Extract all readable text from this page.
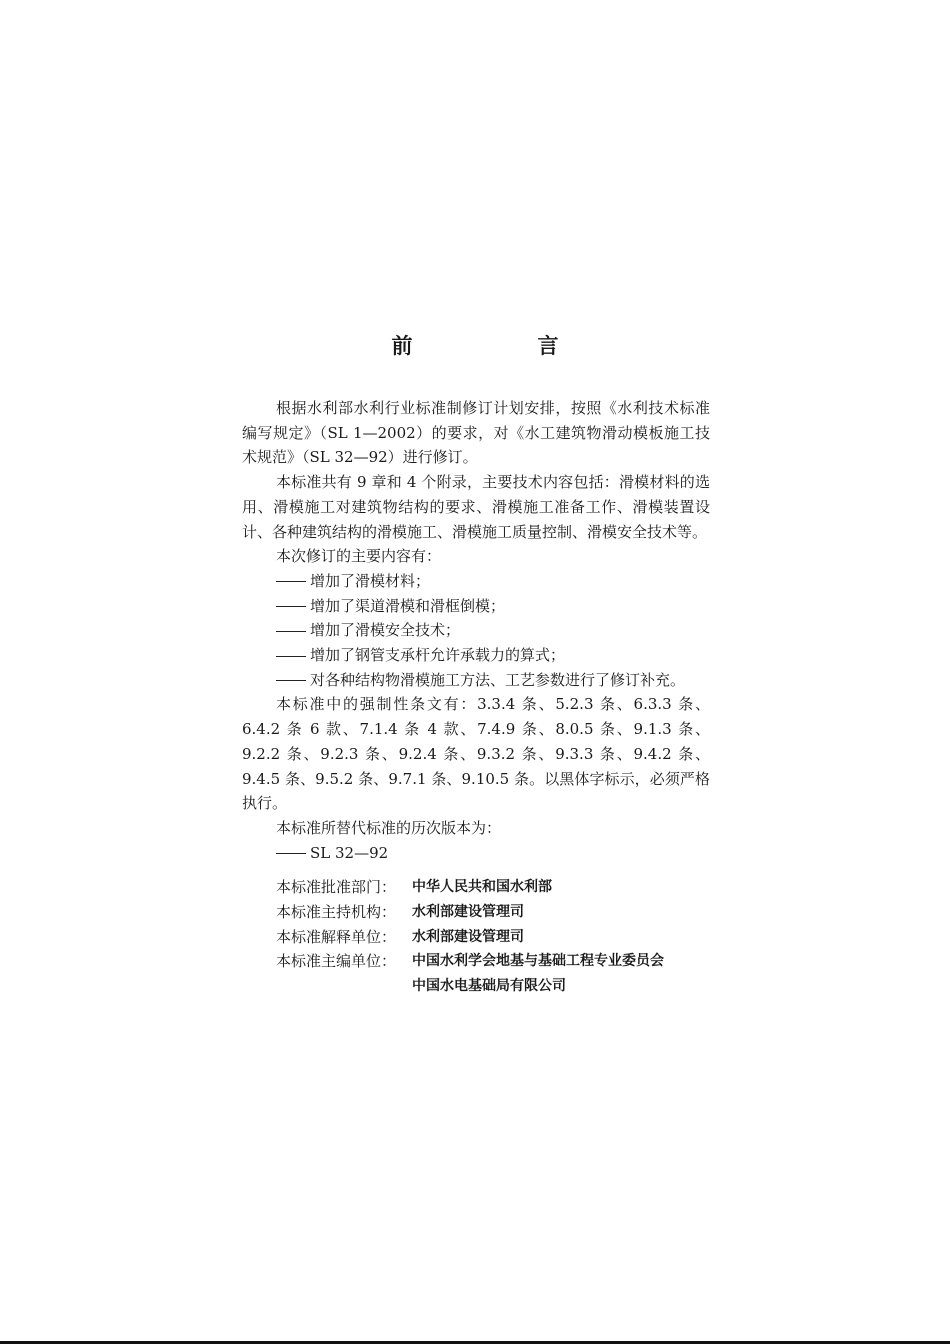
前　言

根据水利部水利行业标准制修订计划安排，按照《水利技术标准编写规定》（SL 1—2002）的要求，对《水工建筑物滑动模板施工技术规范》（SL 32—92）进行修订。

本标准共有 9 章和 4 个附录，主要技术内容包括：滑模材料的选用、滑模施工对建筑物结构的要求、滑模施工准备工作、滑模装置设计、各种建筑结构的滑模施工、滑模施工质量控制、滑模安全技术等。

本次修订的主要内容有：

增加了滑模材料；
增加了渠道滑模和滑框倒模；
增加了滑模安全技术；
增加了钢管支承杆允许承载力的算式；
对各种结构物滑模施工方法、工艺参数进行了修订补充。

本标准中的强制性条文有：3.3.4 条、5.2.3 条、6.3.3 条、6.4.2 条 6 款、7.1.4 条 4 款、7.4.9 条、8.0.5 条、9.1.3 条、9.2.2 条、9.2.3 条、9.2.4 条、9.3.2 条、9.3.3 条、9.4.2 条、9.4.5 条、9.5.2 条、9.7.1 条、9.10.5 条。以黑体字标示，必须严格执行。

本标准所替代标准的历次版本为：

SL 32—92
本标准批准部门：	中华人民共和国水利部
本标准主持机构：	水利部建设管理司
本标准解释单位：	水利部建设管理司
本标准主编单位：	中国水利学会地基与基础工程专业委员会
中国水电基础局有限公司
